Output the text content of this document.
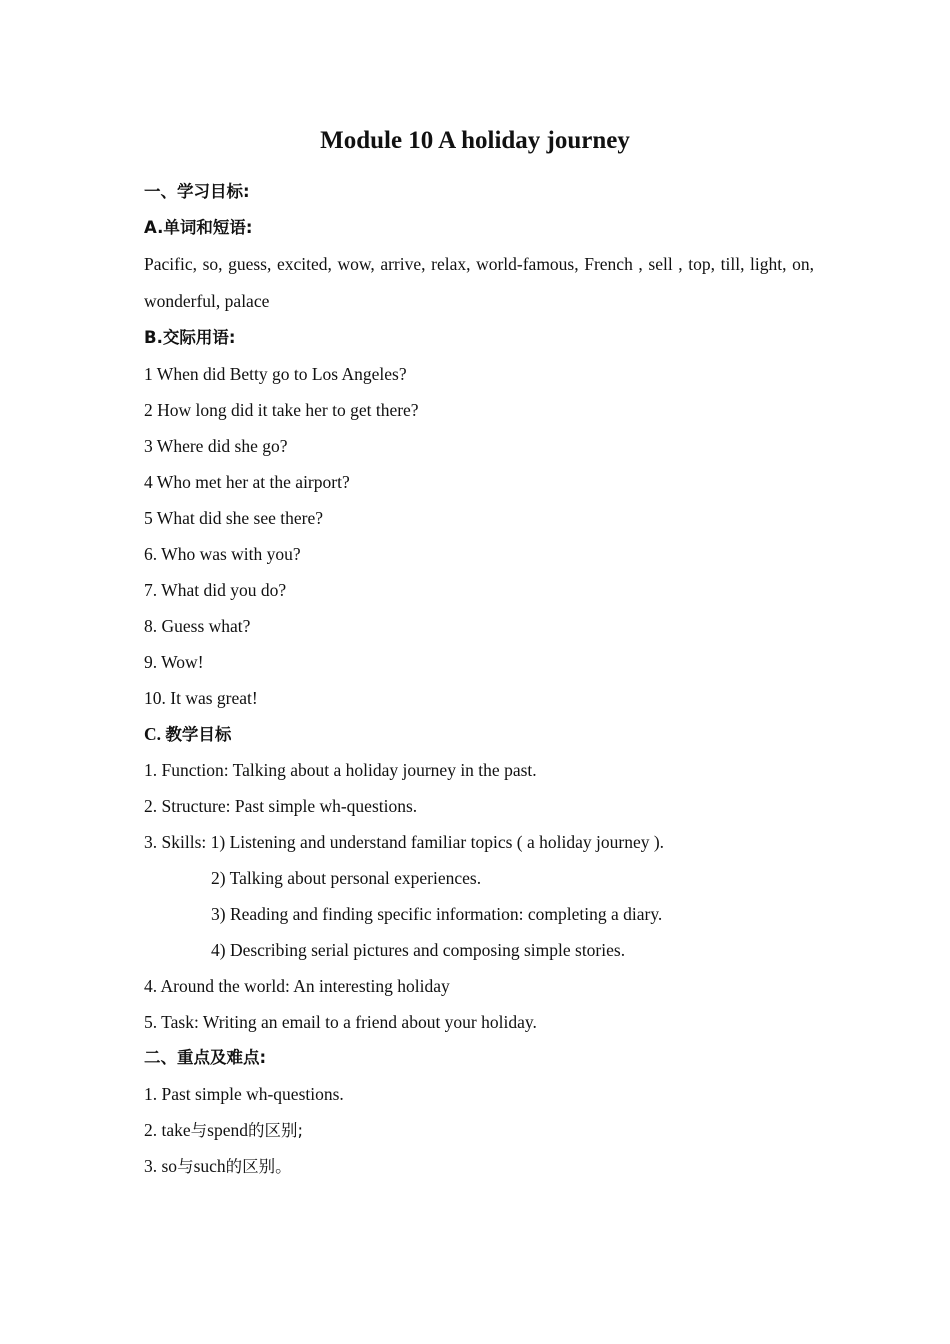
Module 10 A holiday journey
一、学习目标:
A.单词和短语:
Pacific, so, guess, excited, wow, arrive, relax, world-famous, French , sell , top, till, light, on, wonderful, palace
B.交际用语:
1 When did Betty go to Los Angeles?
2 How long did it take her to get there?
3 Where did she go?
4 Who met her at the airport?
5 What did she see there?
6. Who was with you?
7. What did you do?
8. Guess what?
9. Wow!
10. It was great!
C. 教学目标
1. Function: Talking about a holiday journey in the past.
2. Structure: Past simple wh-questions.
3. Skills: 1) Listening and understand familiar topics ( a holiday journey ).
2) Talking about personal experiences.
3) Reading and finding specific information: completing a diary.
4) Describing serial pictures and composing simple stories.
4. Around the world: An interesting holiday
5. Task: Writing an email to a friend about your holiday.
二、重点及难点:
1. Past simple wh-questions.
2. take与spend的区别;
3. so与such的区别。
